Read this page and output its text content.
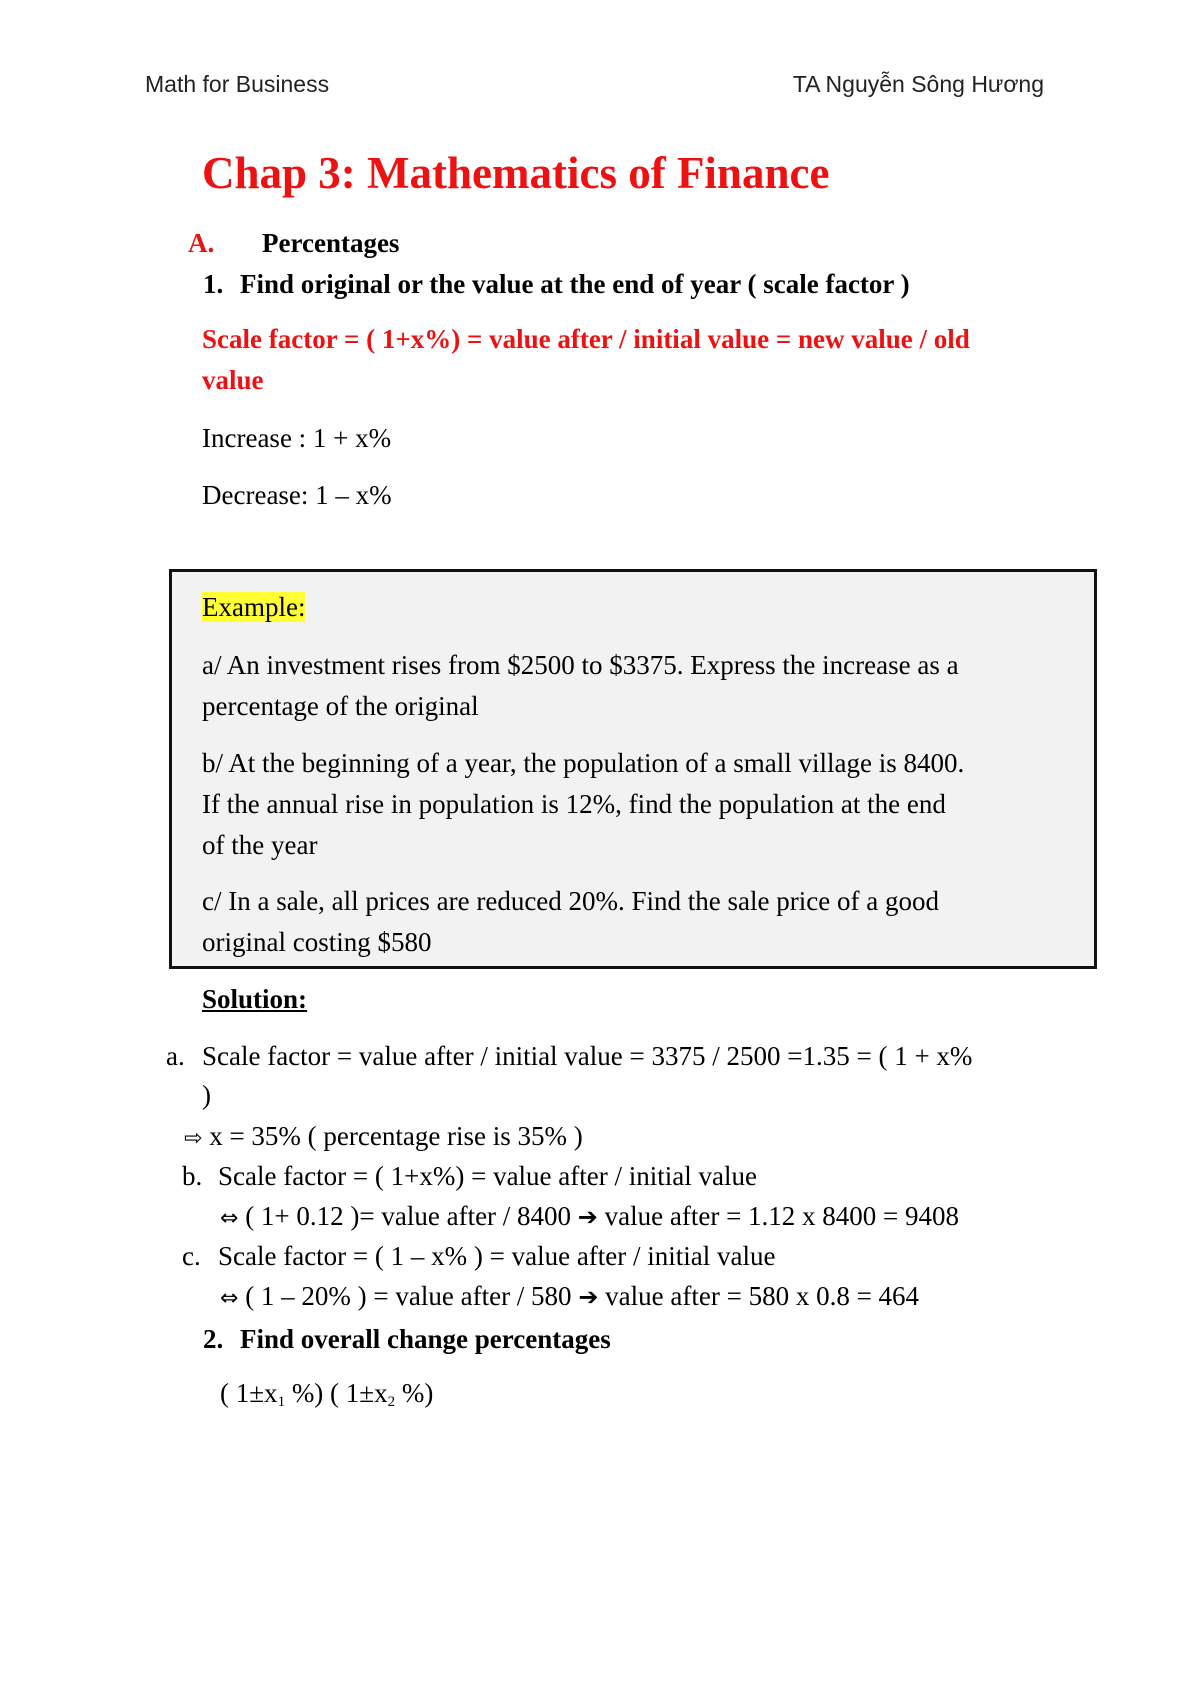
Math for Business	TA Nguyễn Sông Hương
Chap 3: Mathematics of Finance
A. Percentages
1. Find original or the value at the end of year ( scale factor )
Scale factor = ( 1+x%) = value after / initial value = new value / old
value
Increase : 1 + x%
Decrease: 1 – x%
Example:
a/ An investment rises from $2500 to $3375. Express the increase as a
percentage of the original
b/ At the beginning of a year, the population of a small village is 8400.
If the annual rise in population is 12%, find the population at the end
of the year
c/ In a sale, all prices are reduced 20%. Find the sale price of a good
original costing $580
Solution:
a. Scale factor = value after / initial value = 3375 / 2500 =1.35 = ( 1 + x%
)
⇨ x = 35% ( percentage rise is 35% )
b. Scale factor = ( 1+x%) = value after / initial value
⇔ ( 1+ 0.12 )= value after / 8400 ➔ value after = 1.12 x 8400 = 9408
c. Scale factor = ( 1 – x% ) = value after / initial value
⇔ ( 1 – 20% ) = value after / 580 ➔ value after = 580 x 0.8 = 464
2. Find overall change percentages
( $1\pm x_1$ %) ( $1\pm x_2$ %)
